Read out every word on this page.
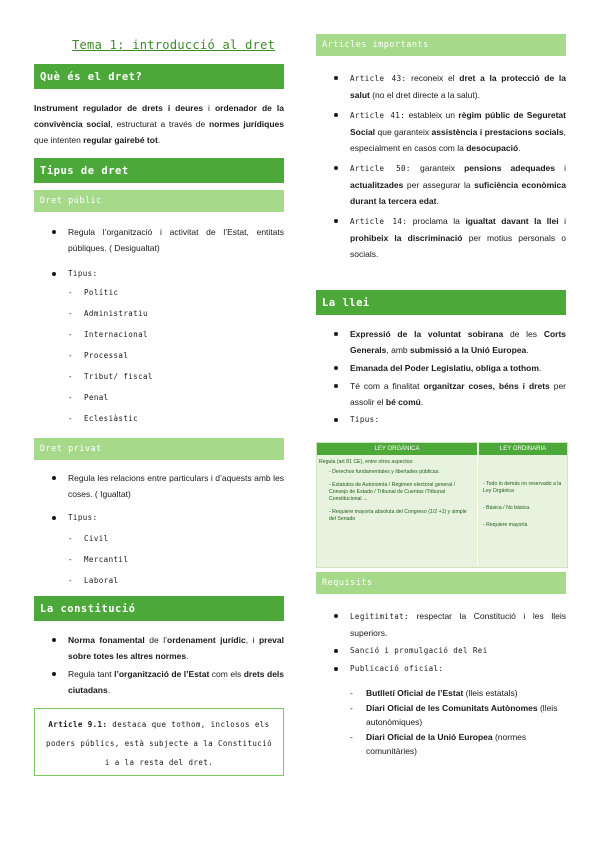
Tema 1: introducció al dret
Què és el dret?
Instrument regulador de drets i deures i ordenador de la convivència social, estructurat a través de normes jurídiques que intenten regular gairebé tot.
Tipus de dret
Dret públic
Regula l’organització i activitat de l’Estat, entitats públiques. ( Desigualtat)
Tipus:
- Polític
- Administratiu
- Internacional
- Processal
- Tribut/ fiscal
- Penal
- Eclesiàstic
Dret privat
Regula les relacions entre particulars i d’aquests amb les coses. ( Igualtat)
Tipus:
- Civil
- Mercantil
- Laboral
La constitució
Norma fonamental de l’ordenament jurídic, i preval sobre totes les altres normes.
Regula tant l’organització de l’Estat com els drets dels ciutadans.
Article 9.1: destaca que tothom, inclosos els poders públics, està subjecte a la Constitució i a la resta del dret.
Articles importants
Article 43: reconeix el dret a la protecció de la salut (no el dret directe a la salut).
Article 41: estableix un règim públic de Seguretat Social que garanteix assistència i prestacions socials, especialment en casos com la desocupació.
Article 50: garanteix pensions adequades i actualitzades per assegurar la suficiència econòmica durant la tercera edat.
Article 14: proclama la igualtat davant la llei i prohibeix la discriminació per motius personals o socials.
La llei
Expressió de la voluntat sobirana de les Corts Generals, amb submissió a la Unió Europea.
Emanada del Poder Legislatiu, obliga a tothom.
Té com a finalitat organitzar coses, béns i drets per assolir el bé comú.
Tipus:
LEY ORGÁNICA	LEY ORDINARIA
Regula (art 81 CE), entre otros aspectos:
- Derechos fundamentales y libertades públicas.
- Estatutos de Autonomía / Régimen electoral general / Consejo de Estado / Tribunal de Cuentas /Tribunal Constitucional ...
- Requiere mayoría absoluta del Congreso (1/2 +1) y simple del Senado
- Todo lo demás no reservado a la Ley Orgánica
- Básica / No básica.
- Requiere mayoría
Requisits
Legitimitat: respectar la Constitució i les lleis superiors.
Sanció i promulgació del Rei
Publicació oficial:
- Butlletí Oficial de l’Estat (lleis estatals)
- Diari Oficial de les Comunitats Autònomes (lleis autonòmiques)
- Diari Oficial de la Unió Europea (normes comunitàries)
